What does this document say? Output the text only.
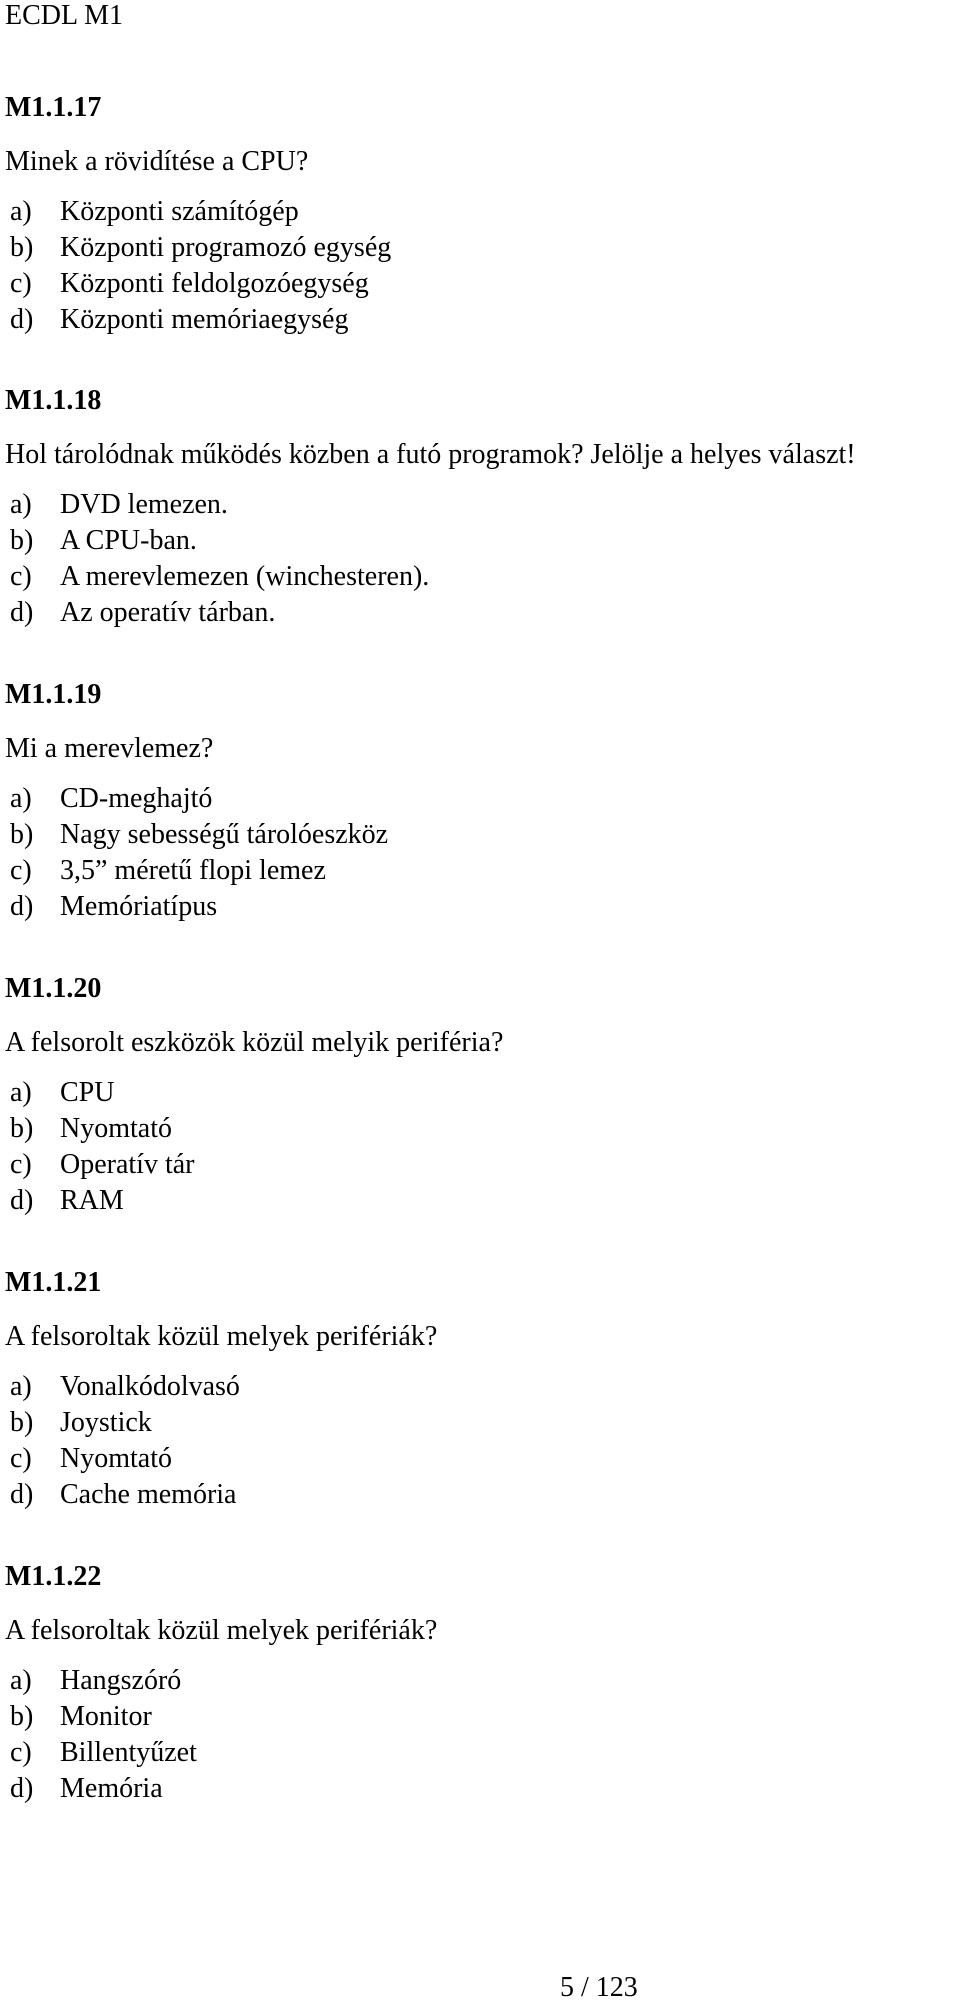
ECDL M1
M1.1.17
Minek a rövidítése a CPU?
a)	Központi számítógép
b) Központi programozó egység
c)	Központi feldolgozóegység
d) Központi memóriaegység
M1.1.18
Hol tárolódnak működés közben a futó programok? Jelölje a helyes választ!
a)	DVD lemezen.
b) A CPU-ban.
c)	A merevlemezen (winchesteren).
d) Az operatív tárban.
M1.1.19
Mi a merevlemez?
a)	CD-meghajtó
b) Nagy sebességű tárolóeszköz
c)	3,5” méretű flopi lemez
d) Memóriatípus
M1.1.20
A felsorolt eszközök közül melyik periféria?
a)	CPU
b) Nyomtató
c)	Operatív tár
d) RAM
M1.1.21
A felsoroltak közül melyek perifériák?
a)	Vonalkódolvasó
b) Joystick
c)	Nyomtató
d) Cache memória
M1.1.22
A felsoroltak közül melyek perifériák?
a)	Hangszóró
b) Monitor
c)	Billentyűzet
d) Memória
5 / 123
